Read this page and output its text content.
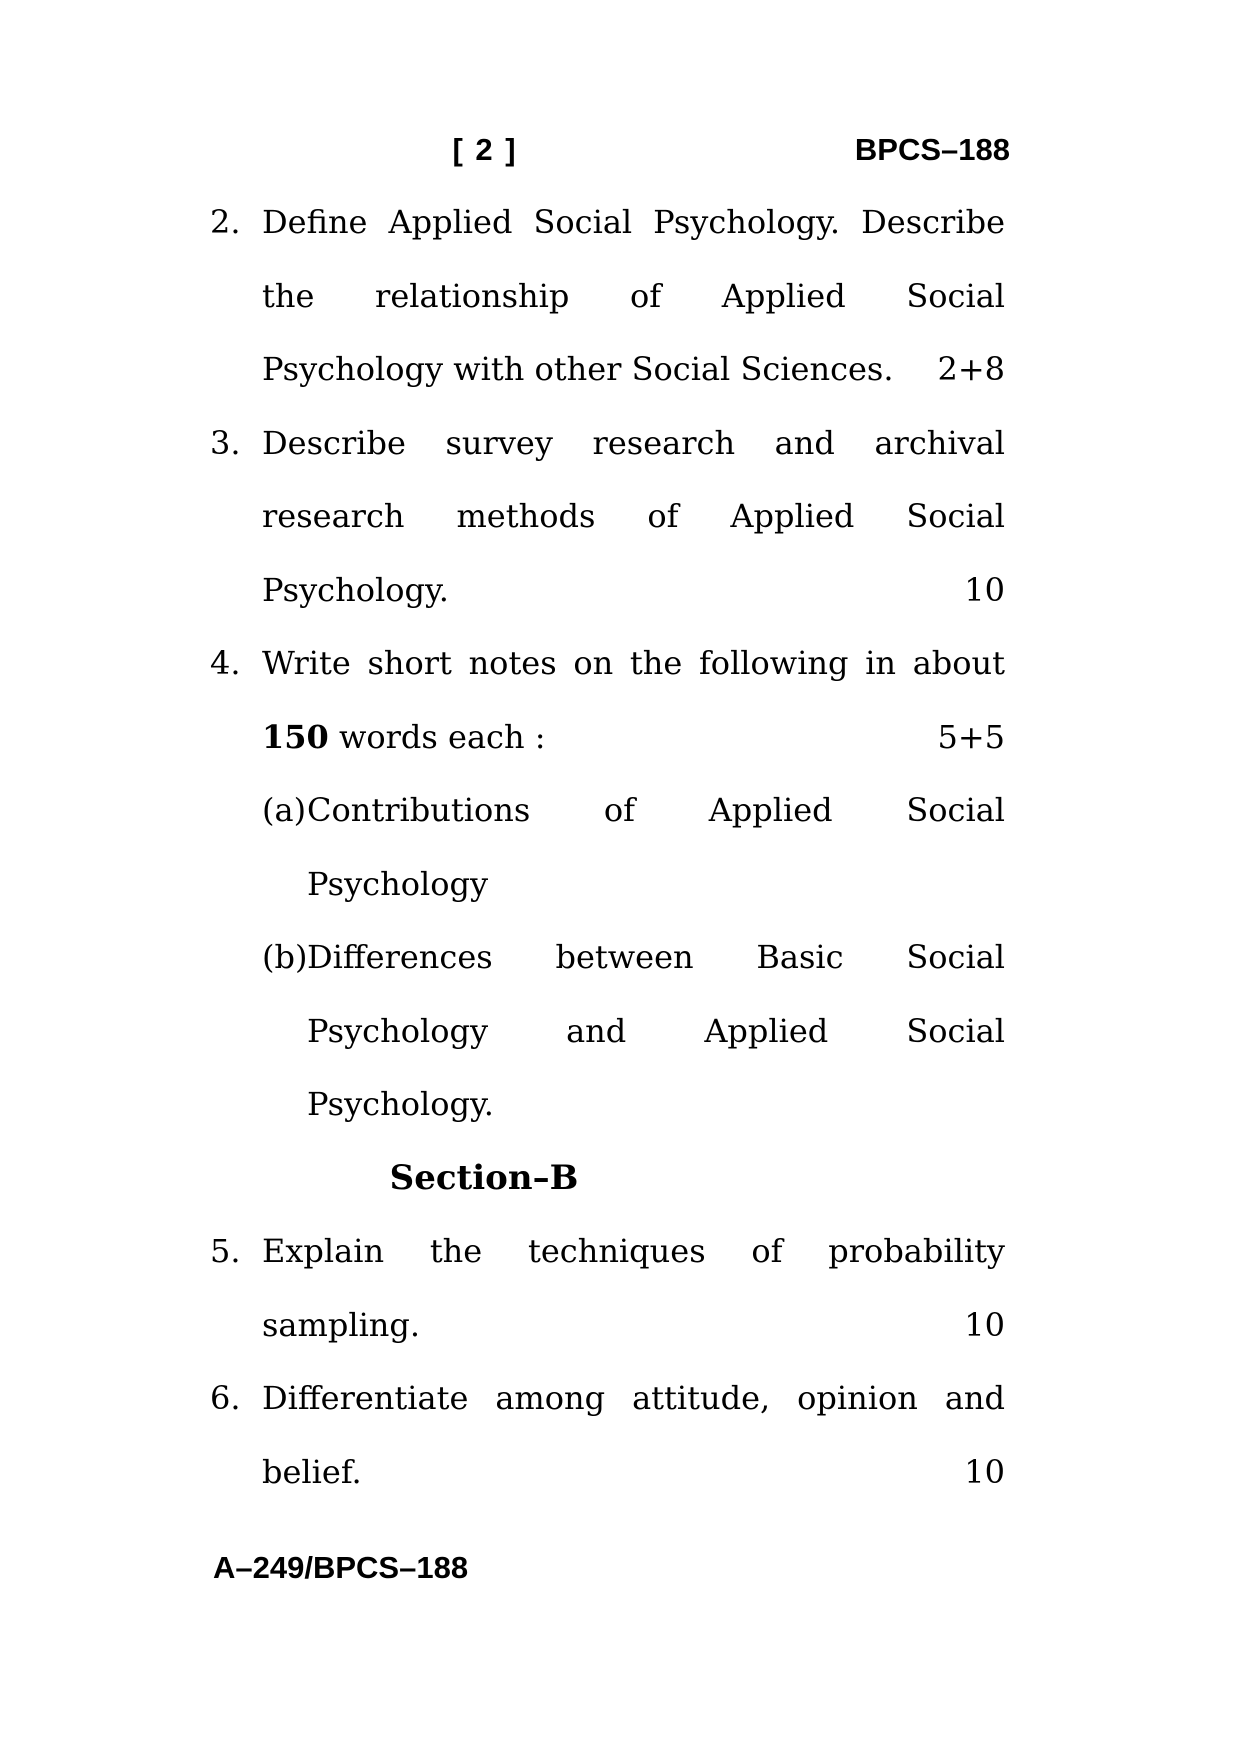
[ 2 ]	BPCS–188
2. Define Applied Social Psychology. Describe
the relationship of Applied Social
Psychology with other Social Sciences.	2+8
3. Describe survey research and archival
research methods of Applied Social
Psychology.	10
4. Write short notes on the following in about
150 words each :	5+5
(a) Contributions of Applied Social
Psychology
(b) Differences between Basic Social
Psychology and Applied Social
Psychology.
Section–B
5. Explain the techniques of probability
sampling.	10
6. Differentiate among attitude, opinion and
belief.	10
A–249/BPCS–188
